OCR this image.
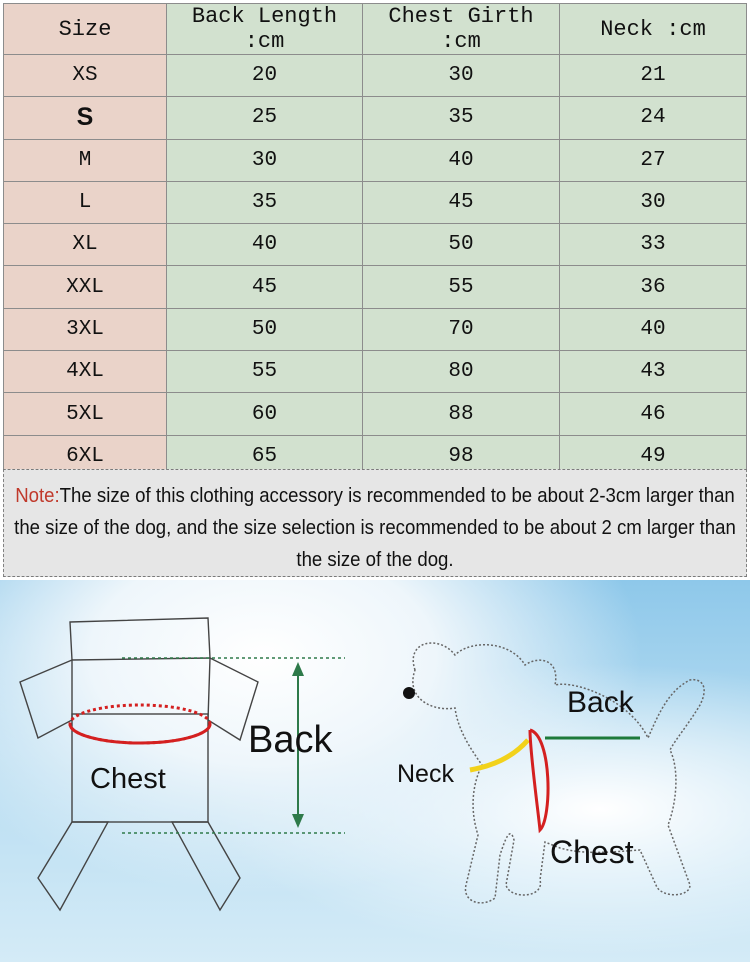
Size	Back Length :cm	Chest Girth :cm	Neck :cm
XS	20	30	21
S	25	35	24
M	30	40	27
L	35	45	30
XL	40	50	33
XXL	45	55	36
3XL	50	70	40
4XL	55	80	43
5XL	60	88	46
6XL	65	98	49
Note:The size of this clothing accessory is recommended to be about 2-3cm larger than the size of the dog, and the size selection is recommended to be about 2 cm larger than the size of the dog.
Back
Chest
Back
Neck
Chest
